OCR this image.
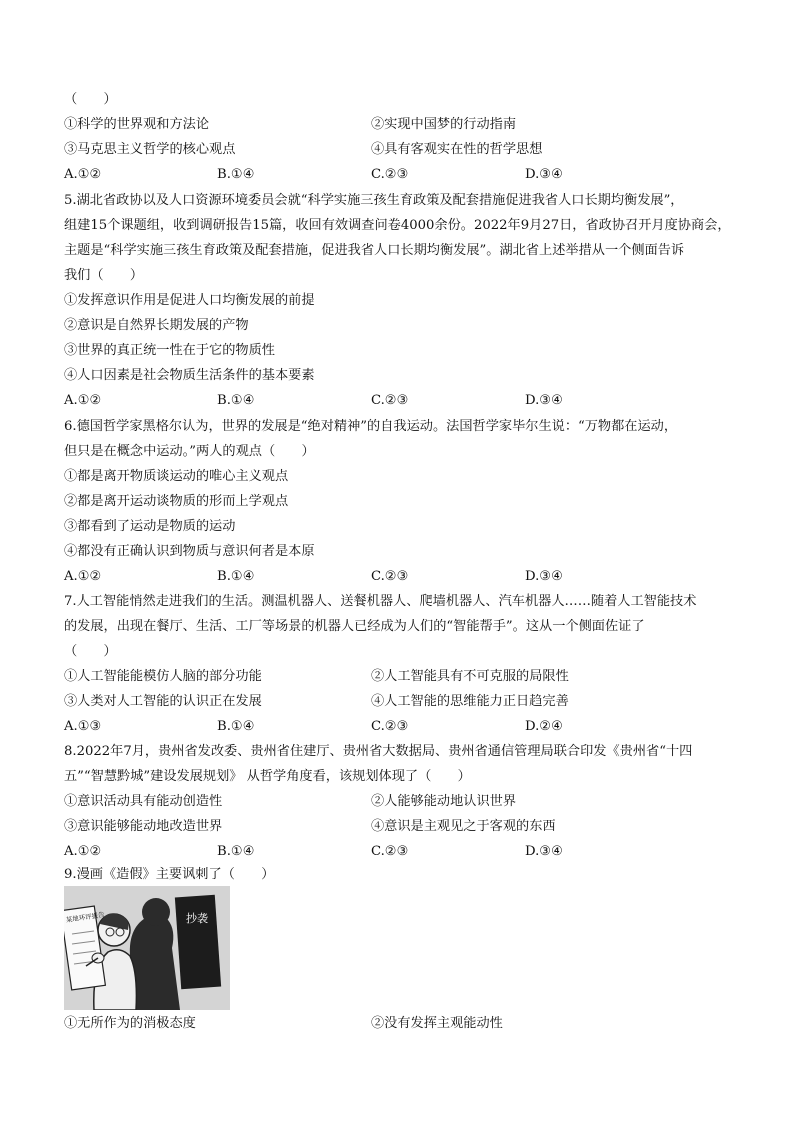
（　　）
①科学的世界观和方法论	②实现中国梦的行动指南
③马克思主义哲学的核心观点	④具有客观实在性的哲学思想
A.①②	B.①④	C.②③	D.③④
5.湖北省政协以及人口资源环境委员会就“科学实施三孩生育政策及配套措施促进我省人口长期均衡发展”，
组建15个课题组，收到调研报告15篇，收回有效调查问卷4000余份。2022年9月27日，省政协召开月度协商会，
主题是“科学实施三孩生育政策及配套措施，促进我省人口长期均衡发展”。湖北省上述举措从一个侧面告诉
我们（　　）
①发挥意识作用是促进人口均衡发展的前提
②意识是自然界长期发展的产物
③世界的真正统一性在于它的物质性
④人口因素是社会物质生活条件的基本要素
A.①②	B.①④	C.②③	D.③④
6.德国哲学家黑格尔认为，世界的发展是“绝对精神”的自我运动。法国哲学家毕尔生说：“万物都在运动，
但只是在概念中运动。”两人的观点（　　）
①都是离开物质谈运动的唯心主义观点
②都是离开运动谈物质的形而上学观点
③都看到了运动是物质的运动
④都没有正确认识到物质与意识何者是本原
A.①②	B.①④	C.②③	D.③④
7.人工智能悄然走进我们的生活。测温机器人、送餐机器人、爬墙机器人、汽车机器人……随着人工智能技术
的发展，出现在餐厅、生活、工厂等场景的机器人已经成为人们的“智能帮手”。这从一个侧面佐证了
（　　）
①人工智能能模仿人脑的部分功能	②人工智能具有不可克服的局限性
③人类对人工智能的认识正在发展	④人工智能的思维能力正日趋完善
A.①③	B.①④	C.②③	D.②④
8.2022年7月，贵州省发改委、贵州省住建厅、贵州省大数据局、贵州省通信管理局联合印发《贵州省“十四
五”“智慧黔城”建设发展规划》 从哲学角度看，该规划体现了（　　）
①意识活动具有能动创造性	②人能够能动地认识世界
③意识能够能动地改造世界	④意识是主观见之于客观的东西
A.①②	B.①④	C.②③	D.③④
9.漫画《造假》主要讽刺了（　　）
抄袭
某地环评报告
①无所作为的消极态度	②没有发挥主观能动性
